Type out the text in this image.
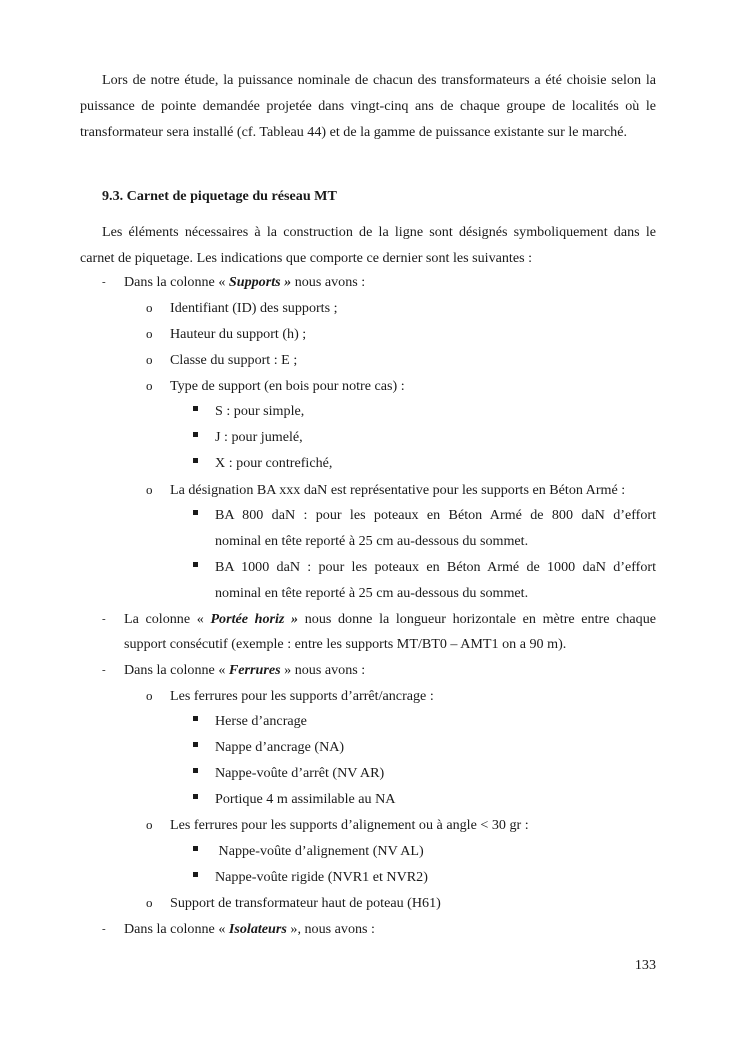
Lors de notre étude, la puissance nominale de chacun des transformateurs a été choisie selon la puissance de pointe demandée projetée dans vingt-cinq ans de chaque groupe de localités où le transformateur sera installé (cf. Tableau 44) et de la gamme de puissance existante sur le marché.
9.3. Carnet de piquetage du réseau MT
Les éléments nécessaires à la construction de la ligne sont désignés symboliquement dans le carnet de piquetage. Les indications que comporte ce dernier sont les suivantes :
- Dans la colonne « Supports » nous avons :
o Identifiant (ID) des supports ;
o Hauteur du support (h) ;
o Classe du support : E ;
o Type de support (en bois pour notre cas) :
S : pour simple,
J : pour jumelé,
X : pour contrefiché,
o La désignation BA xxx daN est représentative pour les supports en Béton Armé :
BA 800 daN : pour les poteaux en Béton Armé de 800 daN d’effort
nominal en tête reporté à 25 cm au-dessous du sommet.
BA 1000 daN : pour les poteaux en Béton Armé de 1000 daN d’effort
nominal en tête reporté à 25 cm au-dessous du sommet.
- La colonne « Portée horiz » nous donne la longueur horizontale en mètre entre chaque
support consécutif (exemple : entre les supports MT/BT0 – AMT1 on a 90 m).
- Dans la colonne « Ferrures » nous avons :
o Les ferrures pour les supports d’arrêt/ancrage :
Herse d’ancrage
Nappe d’ancrage (NA)
Nappe-voûte d’arrêt (NV AR)
Portique 4 m assimilable au NA
o Les ferrures pour les supports d’alignement ou à angle < 30 gr :
Nappe-voûte d’alignement (NV AL)
Nappe-voûte rigide (NVR1 et NVR2)
o Support de transformateur haut de poteau (H61)
- Dans la colonne « Isolateurs », nous avons :
133
